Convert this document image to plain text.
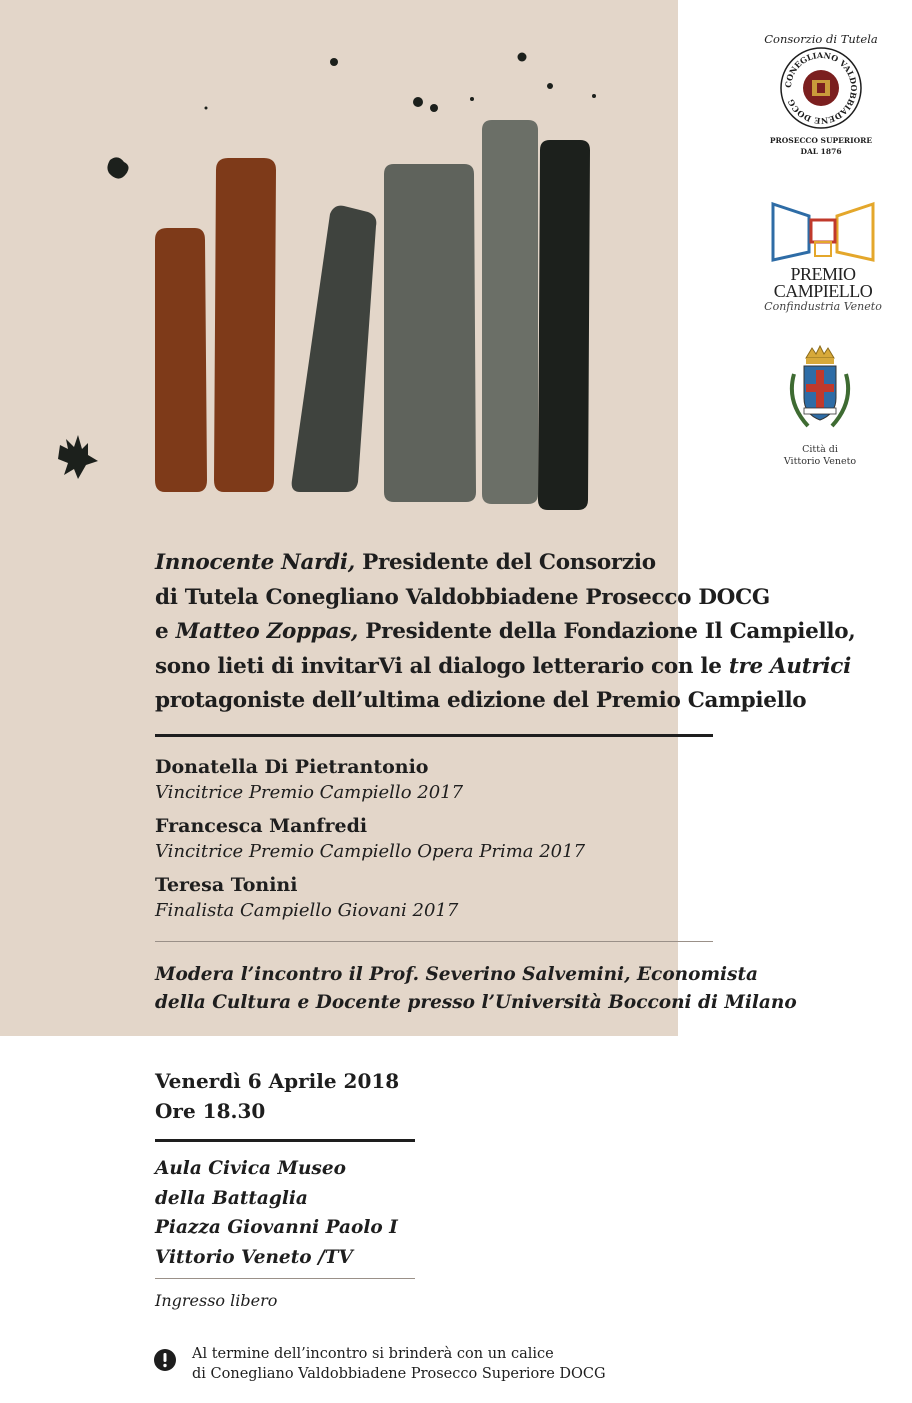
Consorzio di Tutela
CONEGLIANO VALDOBBIADENE DOCG
PROSECCO SUPERIORE
DAL 1876
PREMIO
CAMPIELLO
Confindustria Veneto
Città di
Vittorio Veneto
Innocente Nardi, Presidente del Consorzio
di Tutela Conegliano Valdobbiadene Prosecco DOCG
e Matteo Zoppas, Presidente della Fondazione Il Campiello,
sono lieti di invitarVi al dialogo letterario con le tre Autrici
protagoniste dell’ultima edizione del Premio Campiello
Donatella Di Pietrantonio
Vincitrice Premio Campiello 2017
Francesca Manfredi
Vincitrice Premio Campiello Opera Prima 2017
Teresa Tonini
Finalista Campiello Giovani 2017
Modera l’incontro il Prof. Severino Salvemini, Economista
della Cultura e Docente presso l’Università Bocconi di Milano
Venerdì 6 Aprile 2018
Ore 18.30
Aula Civica Museo
della Battaglia
Piazza Giovanni Paolo I
Vittorio Veneto /TV
Ingresso libero
Al termine dell’incontro si brinderà con un calice
di Conegliano Valdobbiadene Prosecco Superiore DOCG
